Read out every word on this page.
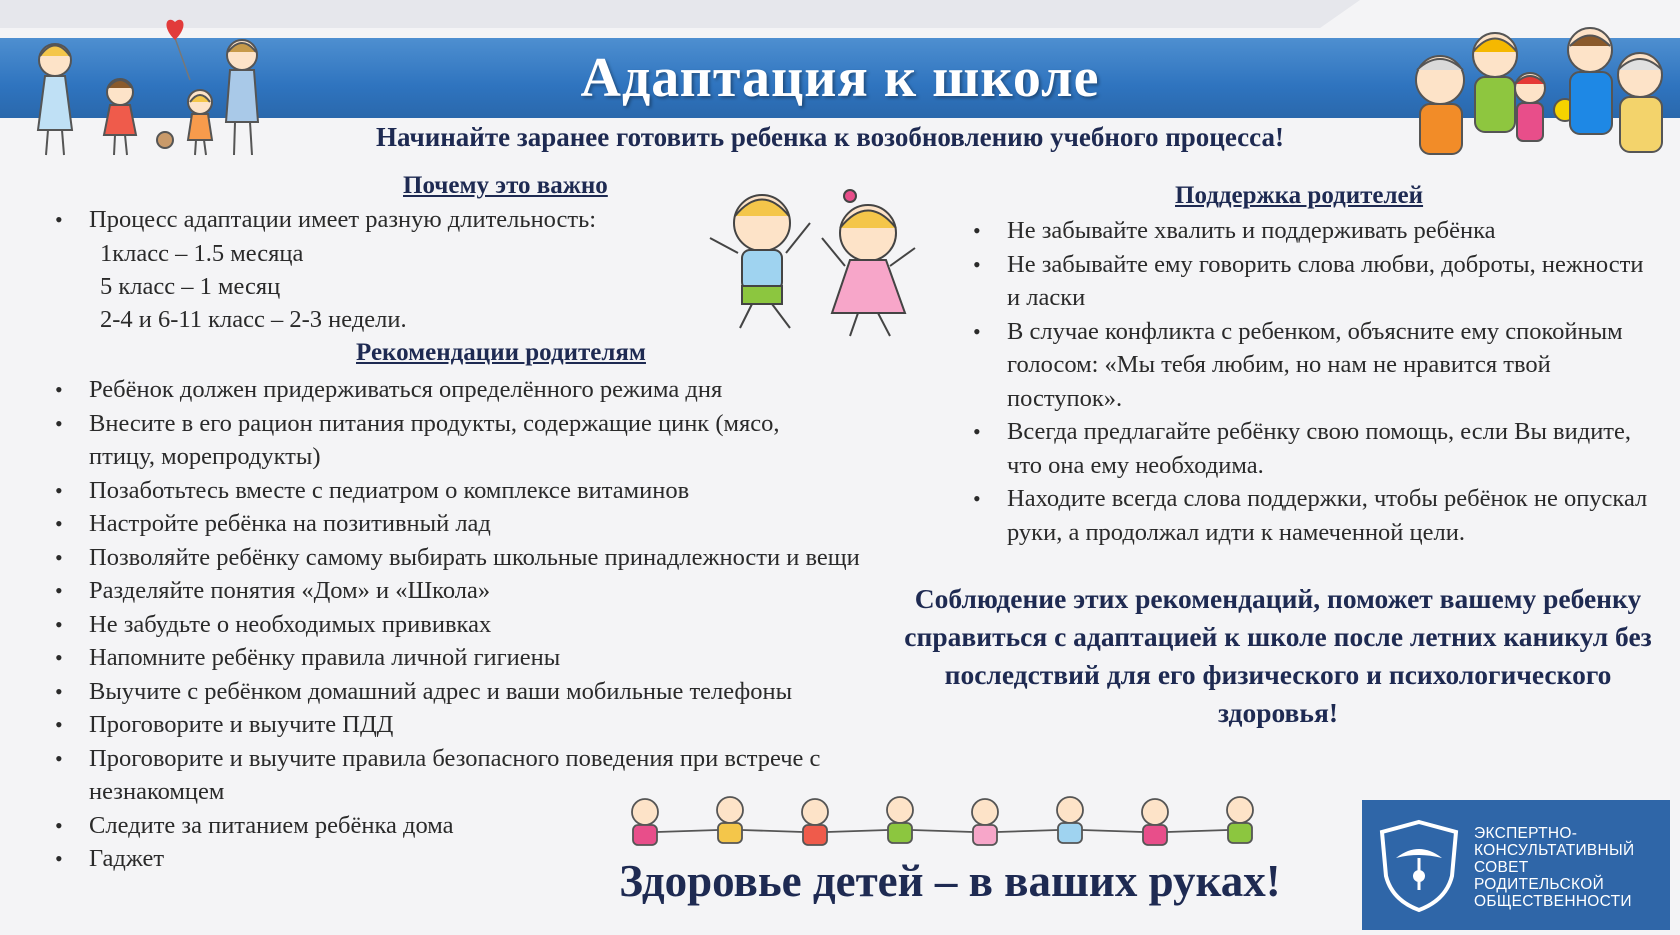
Адаптация к школе
Начинайте заранее готовить ребенка к возобновлению учебного процесса!
Почему это важно
• Процесс адаптации имеет разную длительность:
1класс – 1.5 месяца
5 класс – 1 месяц
2-4 и 6-11 класс – 2-3 недели.
Рекомендации родителям
• Ребёнок должен придерживаться определённого режима дня
• Внесите в его рацион питания продукты, содержащие цинк (мясо, птицу, морепродукты)
• Позаботьтесь вместе с педиатром о комплексе витаминов
• Настройте ребёнка на позитивный лад
• Позволяйте ребёнку самому выбирать школьные принадлежности и вещи
• Разделяйте понятия «Дом» и «Школа»
• Не забудьте о необходимых прививках
• Напомните ребёнку правила личной гигиены
• Выучите с ребёнком домашний адрес и ваши мобильные телефоны
• Проговорите и выучите ПДД
• Проговорите и выучите правила безопасного поведения при встрече с незнакомцем
• Следите за питанием ребёнка дома
• Гаджет
Поддержка родителей
• Не забывайте хвалить и поддерживать ребёнка
• Не забывайте ему говорить слова любви, доброты, нежности и ласки
• В случае конфликта с ребенком, объясните ему спокойным голосом: «Мы тебя любим, но нам не нравится твой поступок».
• Всегда предлагайте ребёнку свою помощь, если Вы видите, что она ему необходима.
• Находите всегда слова поддержки, чтобы ребёнок не опускал руки, а продолжал идти к намеченной цели.
Соблюдение этих рекомендаций, поможет вашему ребенку справиться с адаптацией к школе после летних каникул без последствий для его физического и психологического здоровья!
Здоровье детей – в ваших руках!
ЭКСПЕРТНО-
КОНСУЛЬТАТИВНЫЙ
СОВЕТ
РОДИТЕЛЬСКОЙ
ОБЩЕСТВЕННОСТИ
